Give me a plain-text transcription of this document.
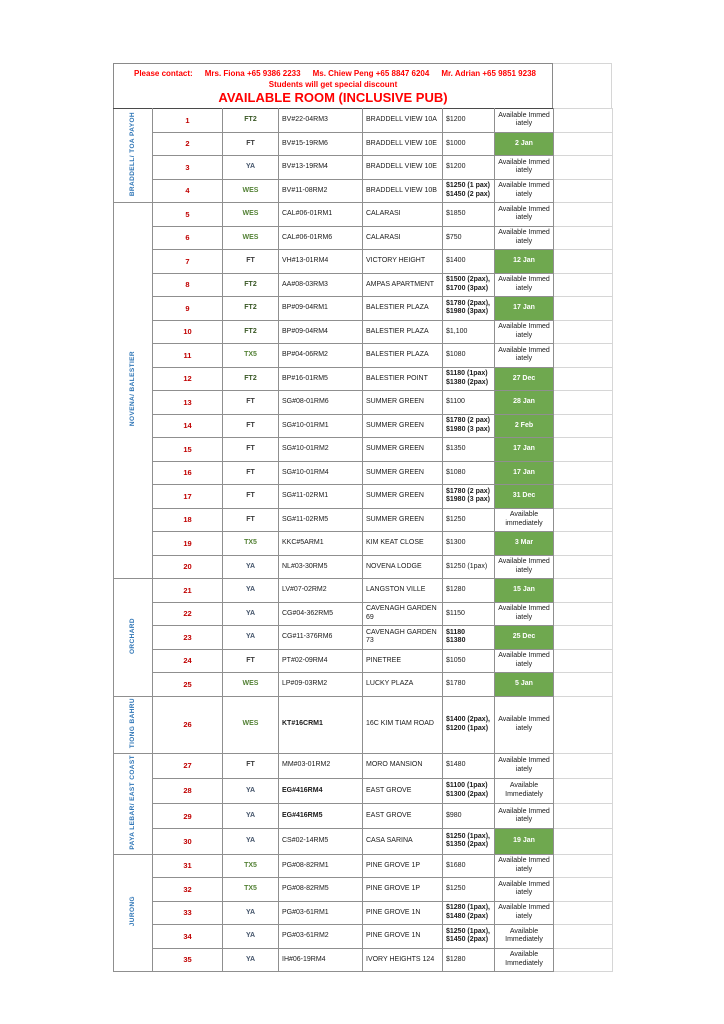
Please contact: Mrs. Fiona +65 9386 2233 Ms. Chiew Peng +65 8847 6204 Mr. Adrian +65 9851 9238
Students will get special discount
AVAILABLE ROOM (INCLUSIVE PUB)
BRADDELL/ TOA PAYOH	1	FT2	BV#22-04RM3	BRADDELL VIEW 10A	$1200	Available Immed
iately	
	2	FT	BV#15-19RM6	BRADDELL VIEW 10E	$1000	2 Jan	
	3	YA	BV#13-19RM4	BRADDELL VIEW 10E	$1200	Available Immed
iately	
	4	WES	BV#11-08RM2	BRADDELL VIEW 10B	$1250 (1 pax)
$1450 (2 pax)	Available Immed
iately	
NOVENA/ BALESTIER	5	WES	CAL#06-01RM1	CALARASI	$1850	Available Immed
iately	
	6	WES	CAL#06-01RM6	CALARASI	$750	Available Immed
iately	
	7	FT	VH#13-01RM4	VICTORY HEIGHT	$1400	12 Jan	
	8	FT2	AA#08-03RM3	AMPAS APARTMENT	$1500 (2pax),
$1700 (3pax)	Available Immed
iately	
	9	FT2	BP#09-04RM1	BALESTIER PLAZA	$1780 (2pax),
$1980 (3pax)	17 Jan	
	10	FT2	BP#09-04RM4	BALESTIER PLAZA	$1,100	Available Immed
iately	
	11	TX5	BP#04-06RM2	BALESTIER PLAZA	$1080	Available Immed
iately	
	12	FT2	BP#16-01RM5	BALESTIER POINT	$1180 (1pax)
$1380 (2pax)	27 Dec	
	13	FT	SG#08-01RM6	SUMMER GREEN	$1100	28 Jan	
	14	FT	SG#10-01RM1	SUMMER GREEN	$1780 (2 pax)
$1980 (3 pax)	2 Feb	
	15	FT	SG#10-01RM2	SUMMER GREEN	$1350	17 Jan	
	16	FT	SG#10-01RM4	SUMMER GREEN	$1080	17 Jan	
	17	FT	SG#11-02RM1	SUMMER GREEN	$1780 (2 pax)
$1980 (3 pax)	31 Dec	
	18	FT	SG#11-02RM5	SUMMER GREEN	$1250	Available
immediately	
	19	TX5	KKC#5ARM1	KIM KEAT CLOSE	$1300	3 Mar	
	20	YA	NL#03-30RM5	NOVENA LODGE	$1250 (1pax)	Available Immed
iately	
ORCHARD	21	YA	LV#07-02RM2	LANGSTON VILLE	$1280	15 Jan	
	22	YA	CG#04-362RM5	CAVENAGH GARDEN 69	$1150	Available Immed
iately	
	23	YA	CG#11-376RM6	CAVENAGH GARDEN 73	$1180
$1380	25 Dec	
	24	FT	PT#02-09RM4	PINETREE	$1050	Available Immed
iately	
	25	WES	LP#09-03RM2	LUCKY PLAZA	$1780	5 Jan	
TIONG BAHRU	26	WES	KT#16CRM1	16C KIM TIAM ROAD	$1400 (2pax),
$1200 (1pax)	Available Immed
iately	
PAYA LEBAR/ EAST COAST	27	FT	MM#03-01RM2	MORO MANSION	$1480	Available Immed
iately	
	28	YA	EG#416RM4	EAST GROVE	$1100 (1pax)
$1300 (2pax)	Available
Immediately	
	29	YA	EG#416RM5	EAST GROVE	$980	Available Immed
iately	
	30	YA	CS#02-14RM5	CASA SARINA	$1250 (1pax),
$1350 (2pax)	19 Jan	
JURONG	31	TX5	PG#08-82RM1	PINE GROVE 1P	$1680	Available Immed
iately	
	32	TX5	PG#08-82RM5	PINE GROVE 1P	$1250	Available Immed
iately	
	33	YA	PG#03-61RM1	PINE GROVE 1N	$1280 (1pax),
$1480 (2pax)	Available Immed
iately	
	34	YA	PG#03-61RM2	PINE GROVE 1N	$1250 (1pax),
$1450 (2pax)	Available
Immediately	
	35	YA	IH#06-19RM4	IVORY HEIGHTS 124	$1280	Available
Immediately	
